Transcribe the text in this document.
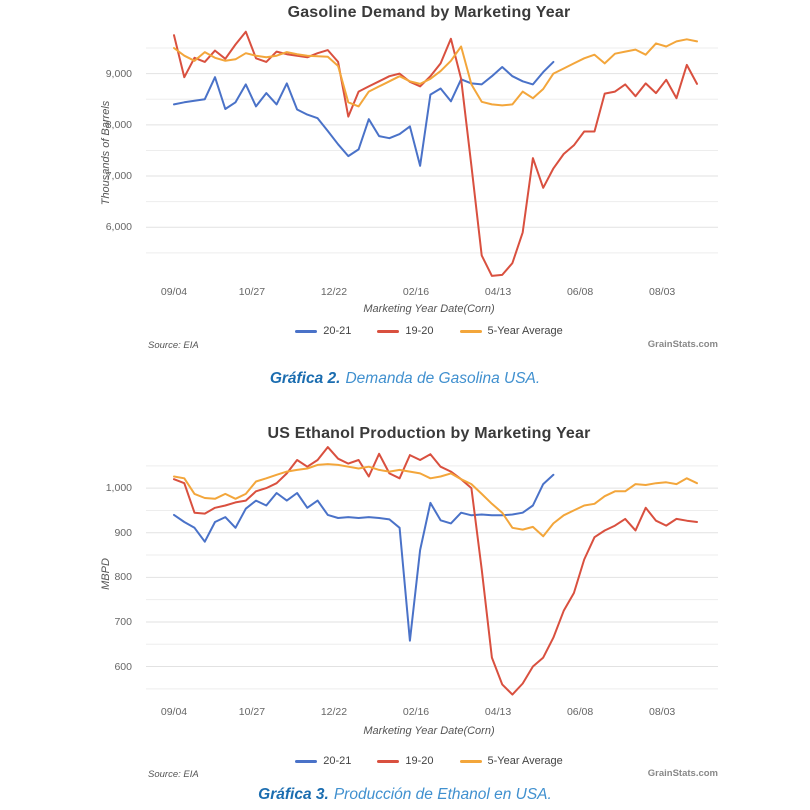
Gasoline Demand by Marketing Year
Thousands of Barrels
Marketing Year Date(Corn)
20-21	19-20	5-Year Average
Source: EIA	GrainStats.com
6,000
7,000
8,000
9,000
09/04	10/27	12/22	02/16	04/13	06/08	08/03
Gráfica 2. Demanda de Gasolina USA.
US Ethanol Production by Marketing Year
MBPD
Marketing Year Date(Corn)
20-21	19-20	5-Year Average
Source: EIA	GrainStats.com
600
700
800
900
1,000
09/04	10/27	12/22	02/16	04/13	06/08	08/03
Gráfica 3. Producción de Ethanol en USA.
